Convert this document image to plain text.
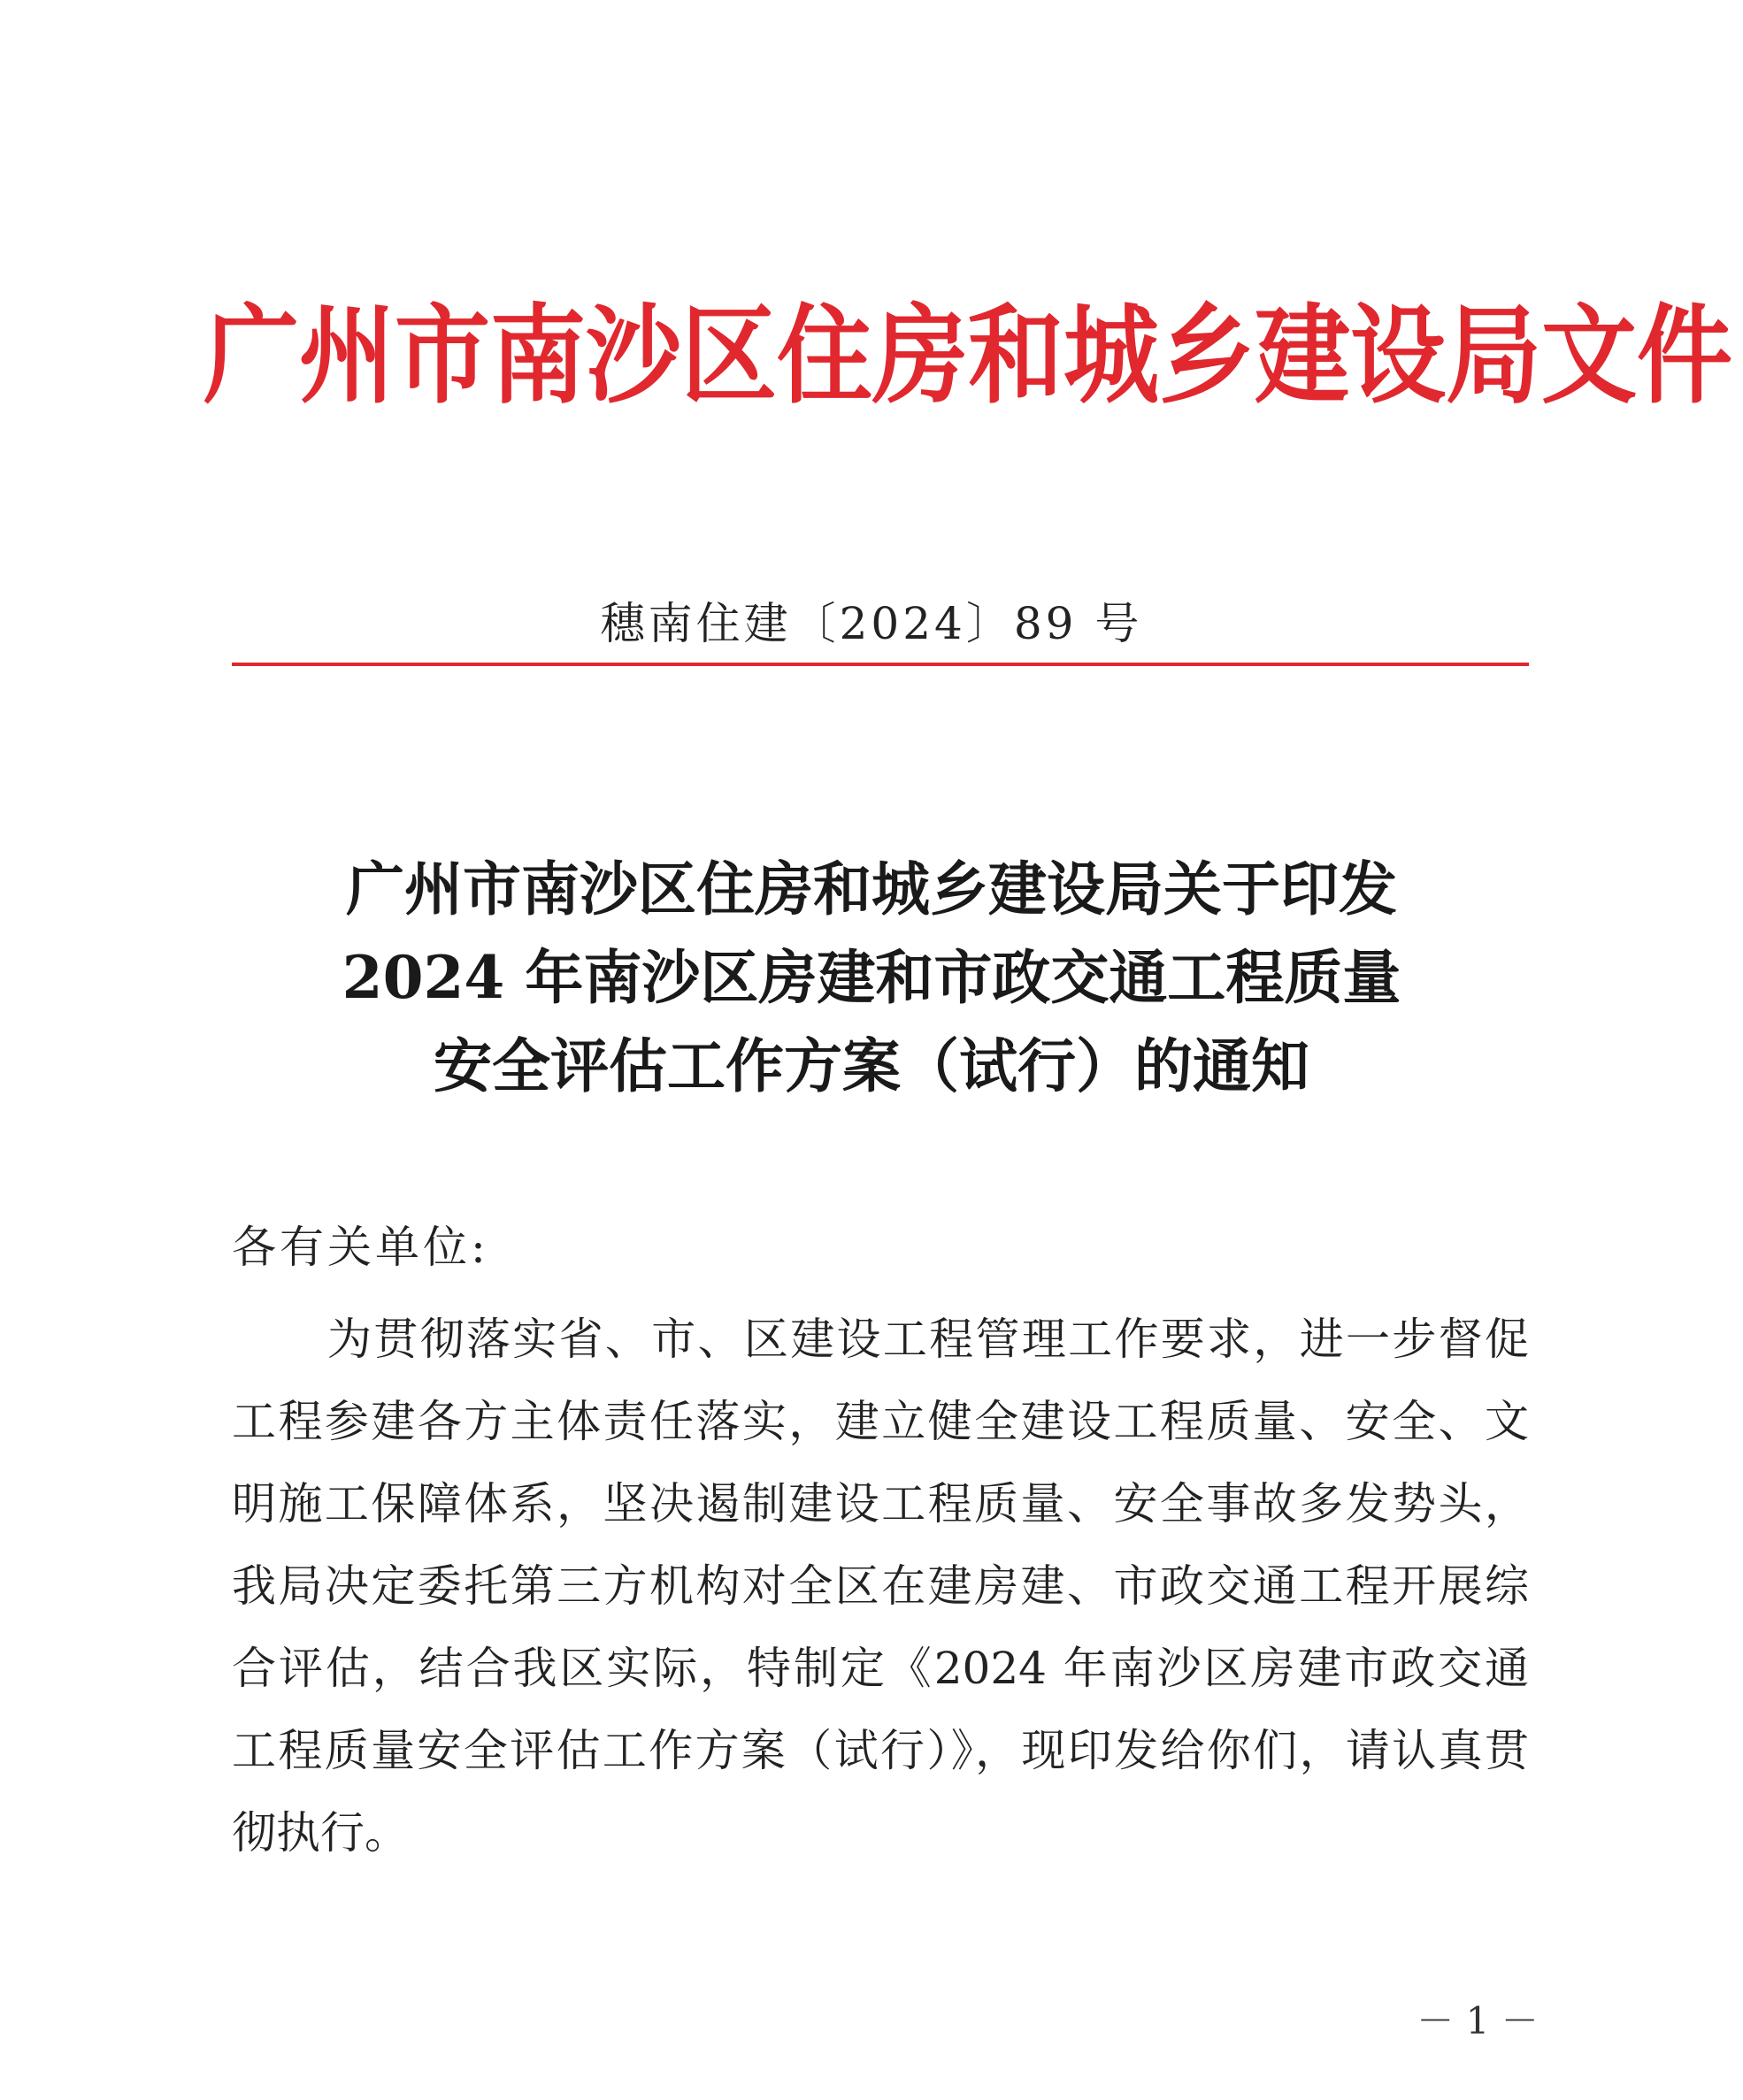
广州市南沙区住房和城乡建设局文件
穗南住建〔2024〕89 号
广州市南沙区住房和城乡建设局关于印发
2024 年南沙区房建和市政交通工程质量
安全评估工作方案（试行）的通知
各有关单位:
为贯彻落实省、市、区建设工程管理工作要求，进一步督促
工程参建各方主体责任落实，建立健全建设工程质量、安全、文
明施工保障体系，坚决遏制建设工程质量、安全事故多发势头，
我局决定委托第三方机构对全区在建房建、市政交通工程开展综
合评估，结合我区实际，特制定《2024 年南沙区房建市政交通
工程质量安全评估工作方案（试行）》，现印发给你们，请认真贯
彻执行。
－ 1 －
